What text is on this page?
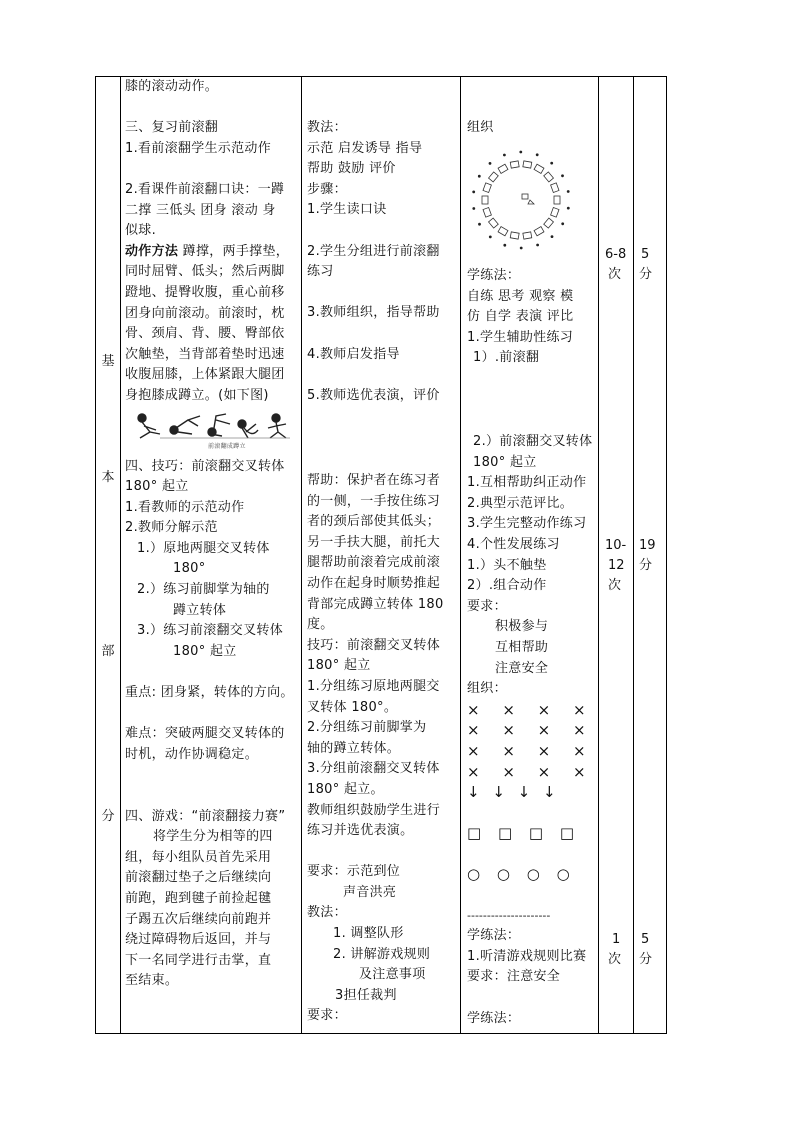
基
本
部
分
膝的滚动动作。
三、复习前滚翻
1.看前滚翻学生示范动作
2.看课件前滚翻口诀：一蹲
二撑 三低头 团身 滚动 身
似球.
动作方法 蹲撑，两手撑垫，
同时屈臂、低头；然后两脚
蹬地、提臀收腹，重心前移
团身向前滚动。前滚时，枕
骨、颈肩、背、腰、臀部依
次触垫，当背部着垫时迅速
收腹屈膝，上体紧跟大腿团
身抱膝成蹲立。(如下图)
前滚翻成蹲立
四、技巧：前滚翻交叉转体
180° 起立
1.看教师的示范动作
2.教师分解示范
1.）原地两腿交叉转体
180°
2.）练习前脚掌为轴的
蹲立转体
3.）练习前滚翻交叉转体
180° 起立
重点: 团身紧，转体的方向。
难点：突破两腿交叉转体的
时机，动作协调稳定。
四、游戏：“前滚翻接力赛”
将学生分为相等的四
组，每小组队员首先采用
前滚翻过垫子之后继续向
前跑，跑到毽子前捡起毽
子踢五次后继续向前跑并
绕过障碍物后返回，并与
下一名同学进行击掌，直
至结束。
教法：
示范 启发诱导 指导
帮助 鼓励 评价
步骤：
1.学生读口诀
2.学生分组进行前滚翻
练习
3.教师组织，指导帮助
4.教师启发指导
5.教师选优表演，评价
帮助：保护者在练习者
的一侧，一手按住练习
者的颈后部使其低头；
另一手扶大腿，前托大
腿帮助前滚着完成前滚
动作在起身时顺势推起
背部完成蹲立转体 180
度。
技巧：前滚翻交叉转体
180° 起立
1.分组练习原地两腿交
叉转体 180°。
2.分组练习前脚掌为
轴的蹲立转体。
3.分组前滚翻交叉转体
180° 起立。
教师组织鼓励学生进行
练习并选优表演。
要求：示范到位
声音洪亮
教法：
1. 调整队形
2. 讲解游戏规则
及注意事项
3担任裁判
要求：
组织
学练法：
自练 思考 观察 模
仿 自学 表演 评比
1.学生辅助性练习
1）.前滚翻
2.）前滚翻交叉转体
180° 起立
1.互相帮助纠正动作
2.典型示范评比。
3.学生完整动作练习
4.个性发展练习
1.）头不触垫
2）.组合动作
要求：
积极参与
互相帮助
注意安全
组织：
× × × ×
× × × ×
× × × ×
× × × ×
↓ ↓ ↓ ↓
□ □ □ □
○ ○ ○ ○
---------------------
学练法：
1.听清游戏规则比赛
要求：注意安全
学练法：
6-8
次
10-
12
次
1
次
5
分
19
分
5
分
